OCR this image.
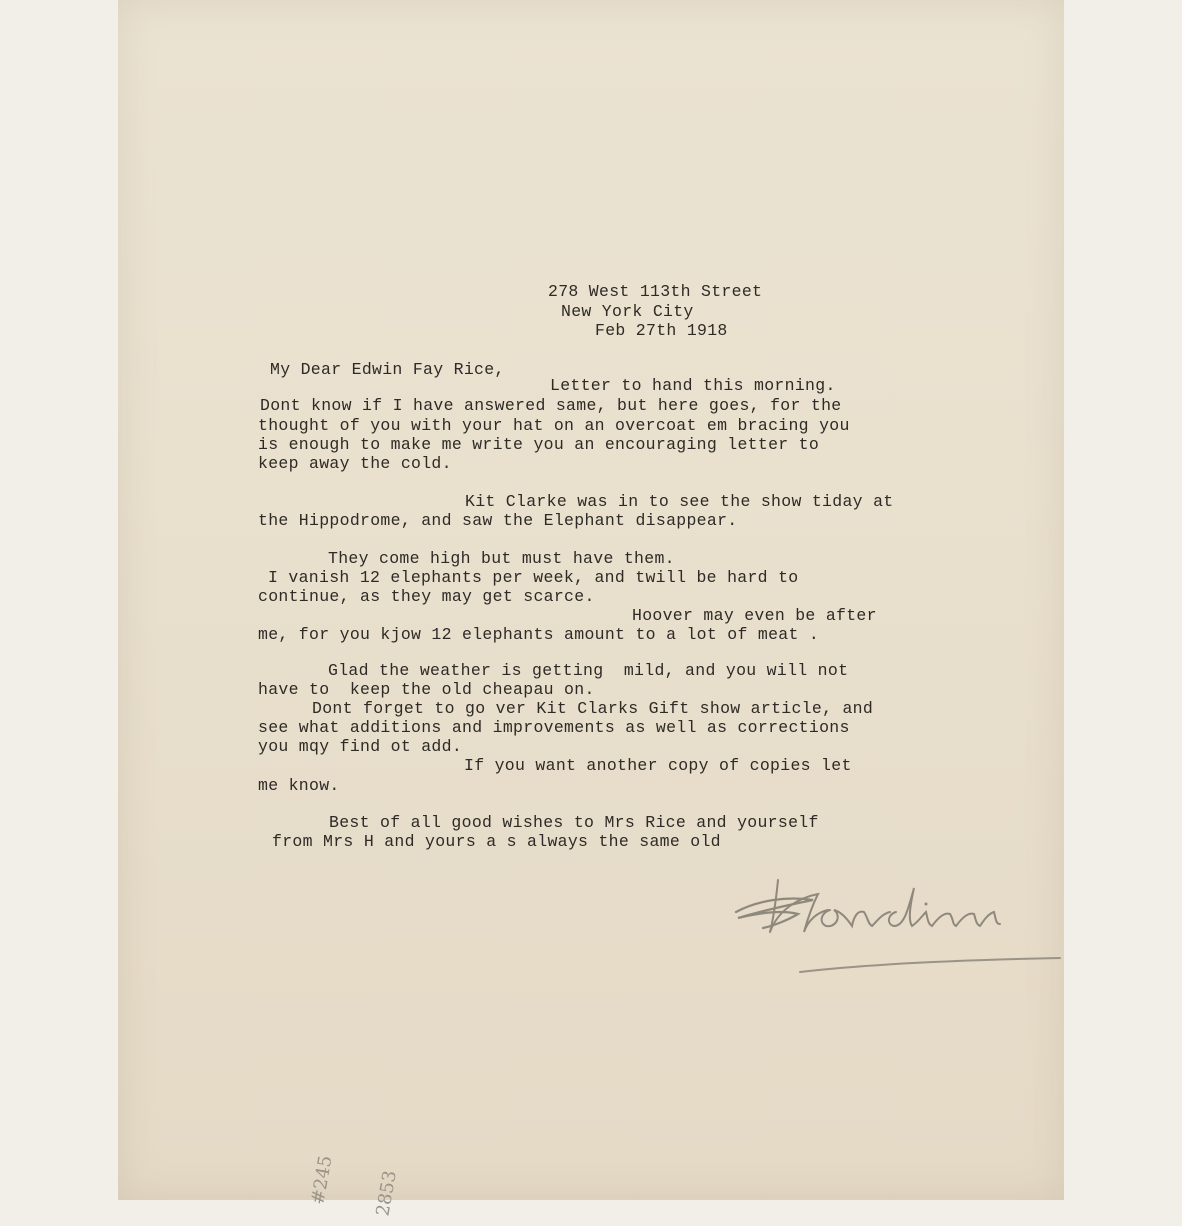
278 West 113th Street
New York City
Feb 27th 1918
My Dear Edwin Fay Rice,
Letter to hand this morning.
Dont know if I have answered same, but here goes, for the
thought of you with your hat on an overcoat em bracing you
is enough to make me write you an encouraging letter to
keep away the cold.
Kit Clarke was in to see the show tiday at
the Hippodrome, and saw the Elephant disappear.
They come high but must have them.
I vanish 12 elephants per week, and twill be hard to
continue, as they may get scarce.
Hoover may even be after
me, for you kjow 12 elephants amount to a lot of meat .
Glad the weather is getting  mild, and you will not
have to  keep the old cheapau on.
Dont forget to go ver Kit Clarks Gift show article, and
see what additions and improvements as well as corrections
you mqy find ot add.
If you want another copy of copies let
me know.
Best of all good wishes to Mrs Rice and yourself
from Mrs H and yours a s always the same old

#245

2853
